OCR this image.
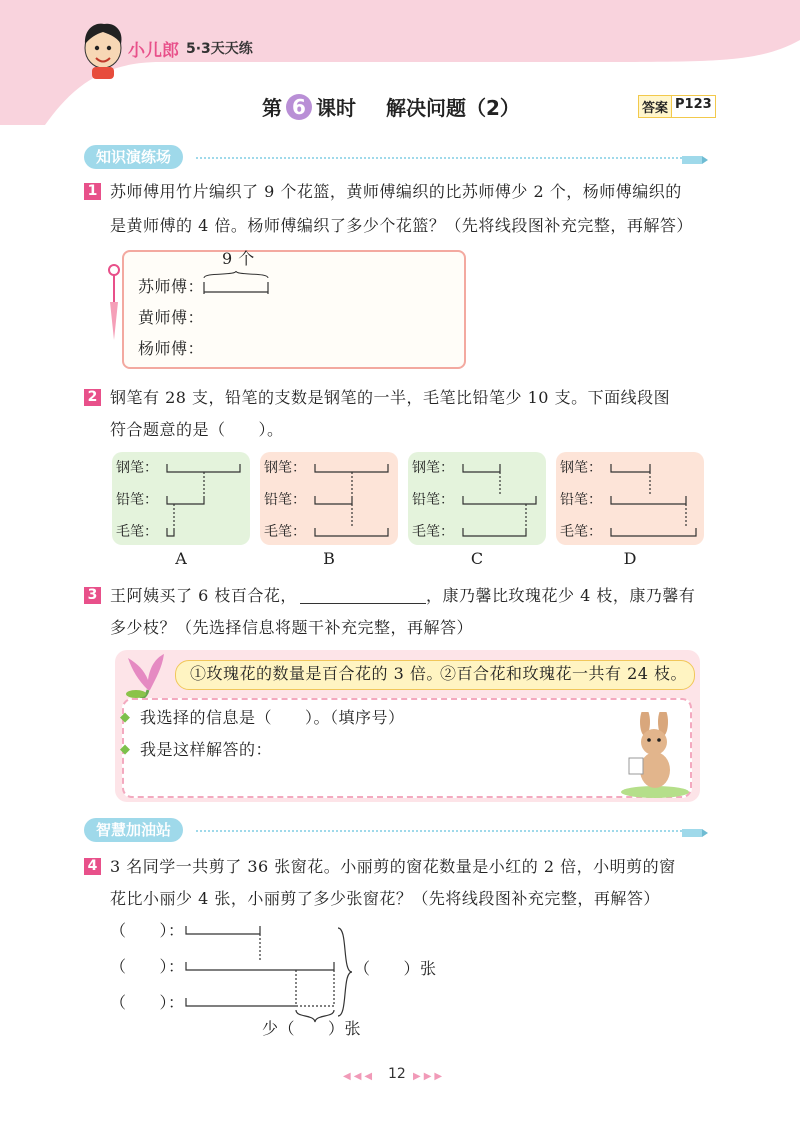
小儿郎 5·3天天练
第 6 课时 解决问题（2）	答案 P123
知识演练场
1 苏师傅用竹片编织了 9 个花篮，黄师傅编织的比苏师傅少 2 个，杨师傅编织的
是黄师傅的 4 倍。杨师傅编织了多少个花篮？（先将线段图补充完整，再解答）
9 个
苏师傅：
黄师傅：
杨师傅：
2 钢笔有 28 支，铅笔的支数是钢笔的一半，毛笔比铅笔少 10 支。下面线段图
符合题意的是（　　）。
钢笔：
铅笔：
毛笔：
A
钢笔：
铅笔：
毛笔：
B
钢笔：
铅笔：
毛笔：
C
钢笔：
铅笔：
毛笔：
D
3 王阿姨买了 6 枝百合花，	，康乃馨比玫瑰花少 4 枝，康乃馨有
多少枝？（先选择信息将题干补充完整，再解答）
①玫瑰花的数量是百合花的 3 倍。
②百合花和玫瑰花一共有 24 枝。
◆ 我选择的信息是（　　）。（填序号）
◆ 我是这样解答的：
智慧加油站
4 3 名同学一共剪了 36 张窗花。小丽剪的窗花数量是小红的 2 倍，小明剪的窗
花比小丽少 4 张，小丽剪了多少张窗花？（先将线段图补充完整，再解答）
（　　）：
（　　）：
（　　）：
（　　）张
少（　　）张
◀◀◀ 12 ▶▶▶
